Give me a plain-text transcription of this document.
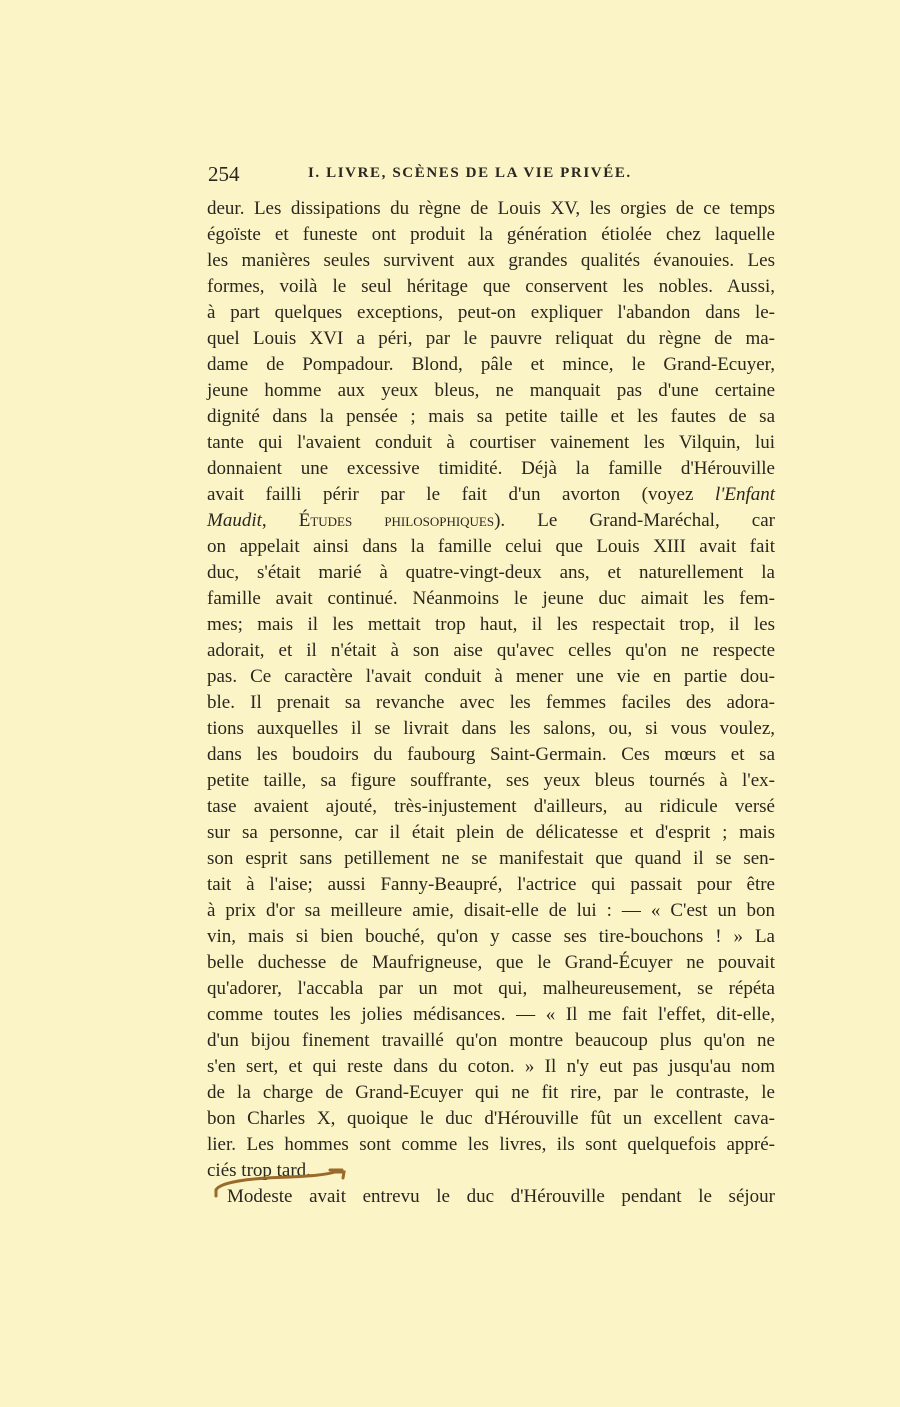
254	I. LIVRE, SCÈNES DE LA VIE PRIVÉE.
deur. Les dissipations du règne de Louis XV, les orgies de ce temps
égoïste et funeste ont produit la génération étiolée chez laquelle
les manières seules survivent aux grandes qualités évanouies. Les
formes, voilà le seul héritage que conservent les nobles. Aussi,
à part quelques exceptions, peut-on expliquer l'abandon dans le-
quel Louis XVI a péri, par le pauvre reliquat du règne de ma-
dame de Pompadour. Blond, pâle et mince, le Grand-Ecuyer,
jeune homme aux yeux bleus, ne manquait pas d'une certaine
dignité dans la pensée ; mais sa petite taille et les fautes de sa
tante qui l'avaient conduit à courtiser vainement les Vilquin, lui
donnaient une excessive timidité. Déjà la famille d'Hérouville
avait failli périr par le fait d'un avorton (voyez l'Enfant
Maudit, Études philosophiques). Le Grand-Maréchal, car
on appelait ainsi dans la famille celui que Louis XIII avait fait
duc, s'était marié à quatre-vingt-deux ans, et naturellement la
famille avait continué. Néanmoins le jeune duc aimait les fem-
mes; mais il les mettait trop haut, il les respectait trop, il les
adorait, et il n'était à son aise qu'avec celles qu'on ne respecte
pas. Ce caractère l'avait conduit à mener une vie en partie dou-
ble. Il prenait sa revanche avec les femmes faciles des adora-
tions auxquelles il se livrait dans les salons, ou, si vous voulez,
dans les boudoirs du faubourg Saint-Germain. Ces mœurs et sa
petite taille, sa figure souffrante, ses yeux bleus tournés à l'ex-
tase avaient ajouté, très-injustement d'ailleurs, au ridicule versé
sur sa personne, car il était plein de délicatesse et d'esprit ; mais
son esprit sans petillement ne se manifestait que quand il se sen-
tait à l'aise; aussi Fanny-Beaupré, l'actrice qui passait pour être
à prix d'or sa meilleure amie, disait-elle de lui : — « C'est un bon
vin, mais si bien bouché, qu'on y casse ses tire-bouchons ! » La
belle duchesse de Maufrigneuse, que le Grand-Écuyer ne pouvait
qu'adorer, l'accabla par un mot qui, malheureusement, se répéta
comme toutes les jolies médisances. — « Il me fait l'effet, dit-elle,
d'un bijou finement travaillé qu'on montre beaucoup plus qu'on ne
s'en sert, et qui reste dans du coton. » Il n'y eut pas jusqu'au nom
de la charge de Grand-Ecuyer qui ne fit rire, par le contraste, le
bon Charles X, quoique le duc d'Hérouville fût un excellent cava-
lier. Les hommes sont comme les livres, ils sont quelquefois appré-
ciés trop tard.
Modeste avait entrevu le duc d'Hérouville pendant le séjour
